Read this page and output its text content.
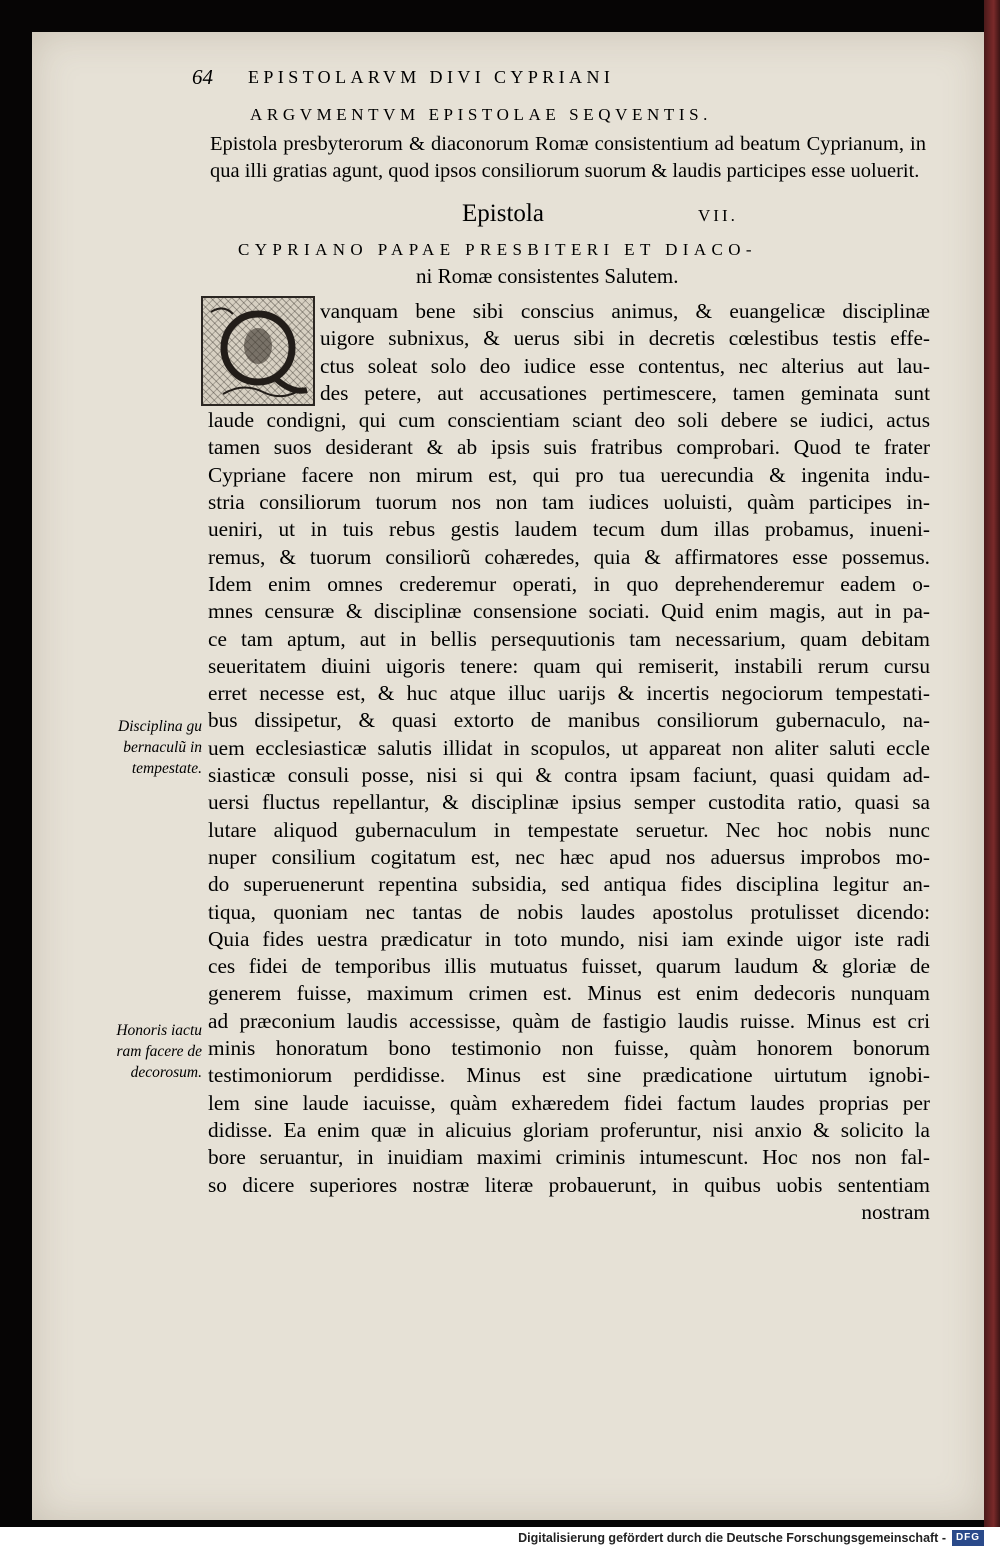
64 EPISTOLARVM DIVI CYPRIANI
ARGVMENTVM EPISTOLAE SEQVENTIS.
Epistola presbyterorum & diaconorum Romæ consistentium ad beatum Cyprianum, in qua illi gratias agunt, quod ipsos consiliorum suorum & laudis participes esse uoluerit.
Epistola	VII.
CYPRIANO PAPAE PRESBITERI ET DIACO-
ni Romæ consistentes Salutem.
vanquam bene sibi conscius animus, & euangelicæ disciplinæ
uigore subnixus, & uerus sibi in decretis cœlestibus testis effe-
ctus soleat solo deo iudice esse contentus, nec alterius aut lau-
des petere, aut accusationes pertimescere, tamen geminata sunt
laude condigni, qui cum conscientiam sciant deo soli debere se iudici, actus
tamen suos desiderant & ab ipsis suis fratribus comprobari. Quod te frater
Cypriane facere non mirum est, qui pro tua uerecundia & ingenita indu-
stria consiliorum tuorum nos non tam iudices uoluisti, quàm participes in-
ueniri, ut in tuis rebus gestis laudem tecum dum illas probamus, inueni-
remus, & tuorum consiliorũ cohæredes, quia & affirmatores esse possemus.
Idem enim omnes crederemur operati, in quo deprehenderemur eadem o-
mnes censuræ & disciplinæ consensione sociati. Quid enim magis, aut in pa-
ce tam aptum, aut in bellis persequutionis tam necessarium, quam debitam
seueritatem diuini uigoris tenere: quam qui remiserit, instabili rerum cursu
erret necesse est, & huc atque illuc uarijs & incertis negociorum tempestati-
bus dissipetur, & quasi extorto de manibus consiliorum gubernaculo, na-
uem ecclesiasticæ salutis illidat in scopulos, ut appareat non aliter saluti eccle
siasticæ consuli posse, nisi si qui & contra ipsam faciunt, quasi quidam ad-
uersi fluctus repellantur, & disciplinæ ipsius semper custodita ratio, quasi sa
lutare aliquod gubernaculum in tempestate seruetur. Nec hoc nobis nunc
nuper consilium cogitatum est, nec hæc apud nos aduersus improbos mo-
do superuenerunt repentina subsidia, sed antiqua fides disciplina legitur an-
tiqua, quoniam nec tantas de nobis laudes apostolus protulisset dicendo:
Quia fides uestra prædicatur in toto mundo, nisi iam exinde uigor iste radi
ces fidei de temporibus illis mutuatus fuisset, quarum laudum & gloriæ de
generem fuisse, maximum crimen est. Minus est enim dedecoris nunquam
ad præconium laudis accessisse, quàm de fastigio laudis ruisse. Minus est cri
minis honoratum bono testimonio non fuisse, quàm honorem bonorum
testimoniorum perdidisse. Minus est sine prædicatione uirtutum ignobi-
lem sine laude iacuisse, quàm exhæredem fidei factum laudes proprias per
didisse. Ea enim quæ in alicuius gloriam proferuntur, nisi anxio & solicito la
bore seruantur, in inuidiam maximi criminis intumescunt. Hoc nos non fal-
so dicere superiores nostræ literæ probauerunt, in quibus uobis sententiam
nostram
Disciplina gu
bernaculũ in
tempestate.
Honoris iactu
ram facere de
decorosum.
Digitalisierung gefördert durch die Deutsche Forschungsgemeinschaft - DFG
